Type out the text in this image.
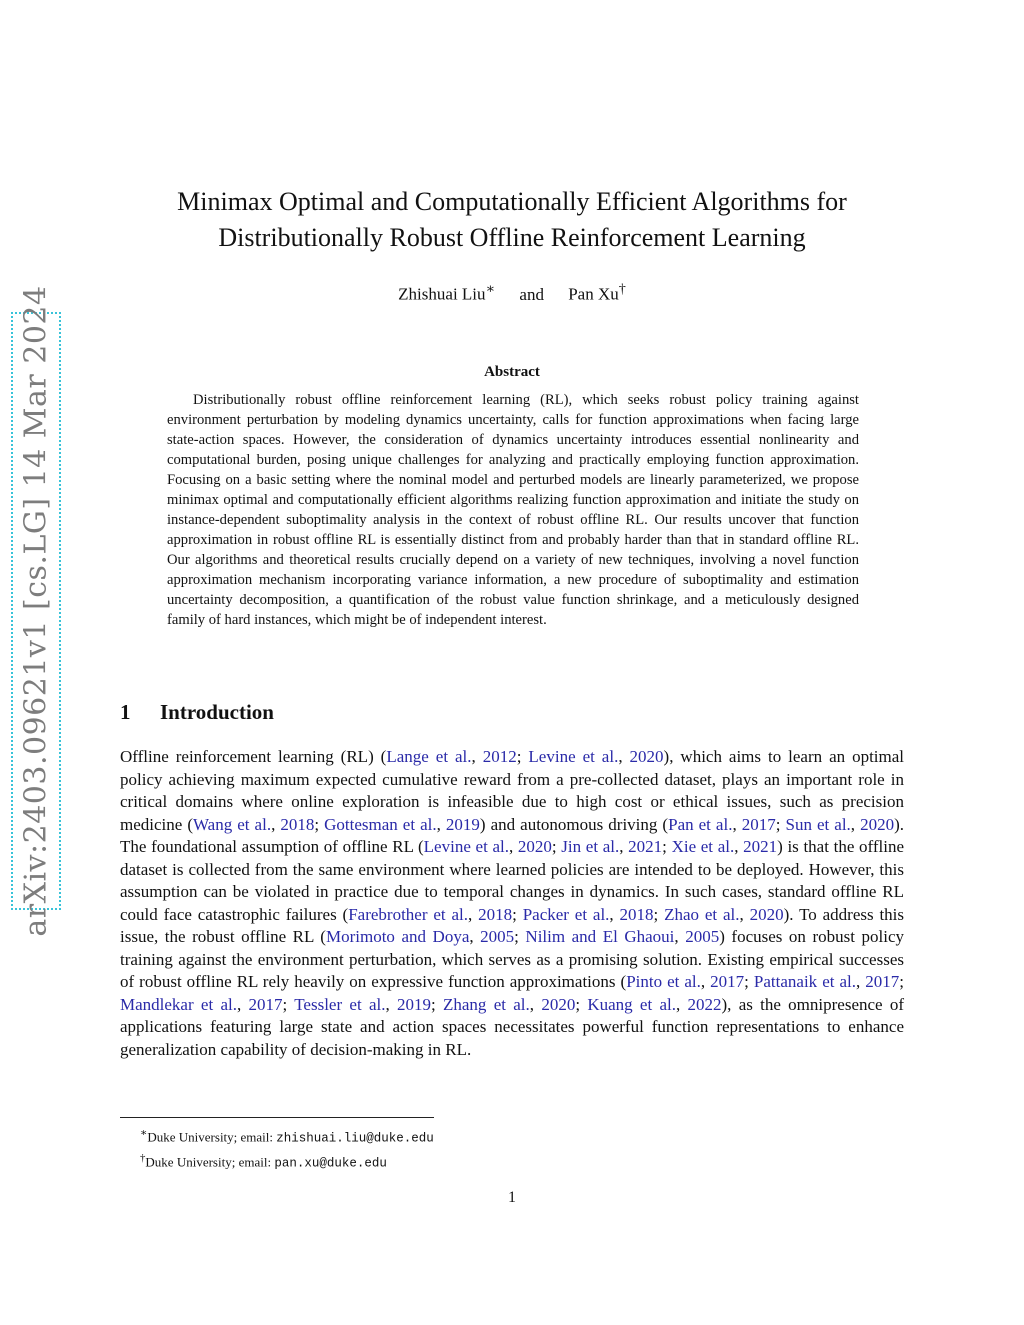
arXiv:2403.09621v1 [cs.LG] 14 Mar 2024
Minimax Optimal and Computationally Efficient Algorithms for
Distributionally Robust Offline Reinforcement Learning
Zhishuai Liu∗ and Pan Xu†
Abstract

Distributionally robust offline reinforcement learning (RL), which seeks robust policy training against environment perturbation by modeling dynamics uncertainty, calls for function approximations when facing large state-action spaces. However, the consideration of dynamics uncertainty introduces essential nonlinearity and computational burden, posing unique challenges for analyzing and practically employing function approximation. Focusing on a basic setting where the nominal model and perturbed models are linearly parameterized, we propose minimax optimal and computationally efficient algorithms realizing function approximation and initiate the study on instance-dependent suboptimality analysis in the context of robust offline RL. Our results uncover that function approximation in robust offline RL is essentially distinct from and probably harder than that in standard offline RL. Our algorithms and theoretical results crucially depend on a variety of new techniques, involving a novel function approximation mechanism incorporating variance information, a new procedure of suboptimality and estimation uncertainty decomposition, a quantification of the robust value function shrinkage, and a meticulously designed family of hard instances, which might be of independent interest.

1 Introduction

Offline reinforcement learning (RL) (Lange et al., 2012; Levine et al., 2020), which aims to learn an optimal policy achieving maximum expected cumulative reward from a pre-collected dataset, plays an important role in critical domains where online exploration is infeasible due to high cost or ethical issues, such as precision medicine (Wang et al., 2018; Gottesman et al., 2019) and autonomous driving (Pan et al., 2017; Sun et al., 2020). The foundational assumption of offline RL (Levine et al., 2020; Jin et al., 2021; Xie et al., 2021) is that the offline dataset is collected from the same environment where learned policies are intended to be deployed. However, this assumption can be violated in practice due to temporal changes in dynamics. In such cases, standard offline RL could face catastrophic failures (Farebrother et al., 2018; Packer et al., 2018; Zhao et al., 2020). To address this issue, the robust offline RL (Morimoto and Doya, 2005; Nilim and El Ghaoui, 2005) focuses on robust policy training against the environment perturbation, which serves as a promising solution. Existing empirical successes of robust offline RL rely heavily on expressive function approximations (Pinto et al., 2017; Pattanaik et al., 2017; Mandlekar et al., 2017; Tessler et al., 2019; Zhang et al., 2020; Kuang et al., 2022), as the omnipresence of applications featuring large state and action spaces necessitates powerful function representations to enhance generalization capability of decision-making in RL.

∗Duke University; email: zhishuai.liu@duke.edu
†Duke University; email: pan.xu@duke.edu
1
